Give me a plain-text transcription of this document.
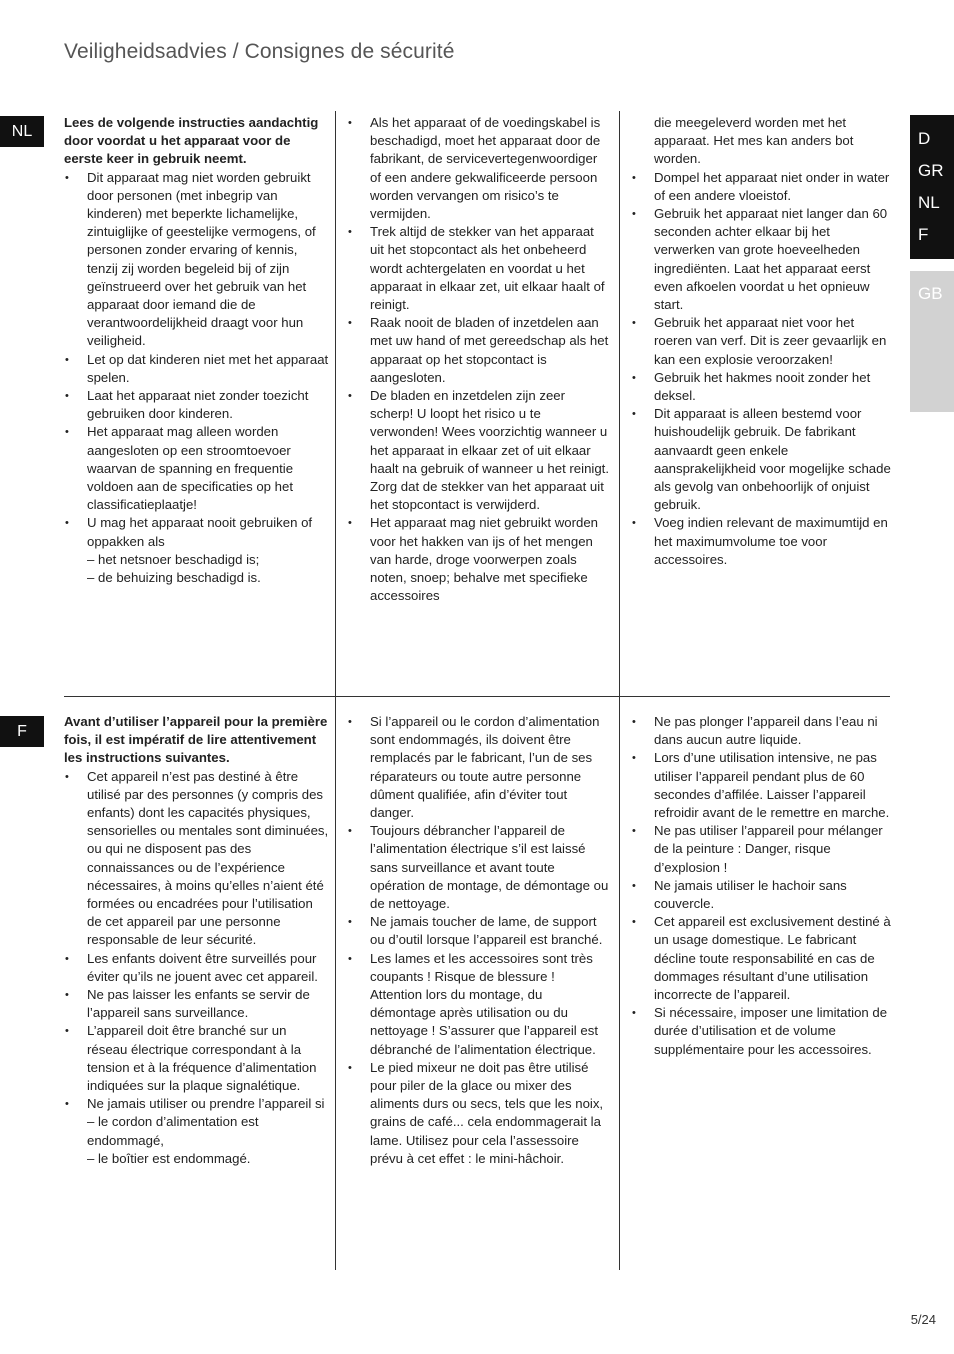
Veiligheidsadvies / Consignes de sécurité
NL
F
D
GR
NL
F
GB

Lees de volgende instructies aandachtig door voordat u het apparaat voor de eerste keer in gebruik neemt.

• Dit apparaat mag niet worden gebruikt door personen (met inbegrip van kinderen) met beperkte lichamelijke, zintuiglijke of geestelijke vermogens, of personen zonder ervaring of kennis, tenzij zij worden begeleid bij of zijn geïnstrueerd over het gebruik van het apparaat door iemand die de verantwoordelijkheid draagt voor hun veiligheid.
• Let op dat kinderen niet met het apparaat spelen.
• Laat het apparaat niet zonder toezicht gebruiken door kinderen.
• Het apparaat mag alleen worden aangesloten op een stroomtoevoer waarvan de spanning en frequentie voldoen aan de specificaties op het classificatieplaatje!
• U mag het apparaat nooit gebruiken of oppakken als
– het netsnoer beschadigd is;
– de behuizing beschadigd is.
• Als het apparaat of de voedingskabel is beschadigd, moet het apparaat door de fabrikant, de servicevertegenwoordiger of een andere gekwalificeerde persoon worden vervangen om risico’s te vermijden.
• Trek altijd de stekker van het apparaat uit het stopcontact als het onbeheerd wordt achtergelaten en voordat u het apparaat in elkaar zet, uit elkaar haalt of reinigt.
• Raak nooit de bladen of inzetdelen aan met uw hand of met gereedschap als het apparaat op het stopcontact is aangesloten.
• De bladen en inzetdelen zijn zeer scherp! U loopt het risico u te verwonden! Wees voorzichtig wanneer u het apparaat in elkaar zet of uit elkaar haalt na gebruik of wanneer u het reinigt. Zorg dat de stekker van het apparaat uit het stopcontact is verwijderd.
• Het apparaat mag niet gebruikt worden voor het hakken van ijs of het mengen van harde, droge voorwerpen zoals noten, snoep; behalve met specifieke accessoires
die meegeleverd worden met het apparaat. Het mes kan anders bot worden.
• Dompel het apparaat niet onder in water of een andere vloeistof.
• Gebruik het apparaat niet langer dan 60 seconden achter elkaar bij het verwerken van grote hoeveelheden ingrediënten. Laat het apparaat eerst even afkoelen voordat u het opnieuw start.
• Gebruik het apparaat niet voor het roeren van verf. Dit is zeer gevaarlijk en kan een explosie veroorzaken!
• Gebruik het hakmes nooit zonder het deksel.
• Dit apparaat is alleen bestemd voor huishoudelijk gebruik. De fabrikant aanvaardt geen enkele aansprakelijkheid voor mogelijke schade als gevolg van onbehoorlijk of onjuist gebruik.
• Voeg indien relevant de maximumtijd en het maximumvolume toe voor accessoires.

Avant d’utiliser l’appareil pour la première fois, il est impératif de lire attentivement les instructions suivantes.

• Cet appareil n’est pas destiné à être utilisé par des personnes (y compris des enfants) dont les capacités physiques, sensorielles ou mentales sont diminuées, ou qui ne disposent pas des connaissances ou de l’expérience nécessaires, à moins qu’elles n’aient été formées ou encadrées pour l’utilisation de cet appareil par une personne responsable de leur sécurité.
• Les enfants doivent être surveillés pour éviter qu’ils ne jouent avec cet appareil.
• Ne pas laisser les enfants se servir de l’appareil sans surveillance.
• L’appareil doit être branché sur un réseau électrique correspondant à la tension et à la fréquence d’alimentation indiquées sur la plaque signalétique.
• Ne jamais utiliser ou prendre l’appareil si
– le cordon d’alimentation est endommagé,
– le boîtier est endommagé.
• Si l’appareil ou le cordon d’alimentation sont endommagés, ils doivent être remplacés par le fabricant, l’un de ses réparateurs ou toute autre personne dûment qualifiée, afin d’éviter tout danger.
• Toujours débrancher l’appareil de l’alimentation électrique s’il est laissé sans surveillance et avant toute opération de montage, de démontage ou de nettoyage.
• Ne jamais toucher de lame, de support ou d’outil lorsque l’appareil est branché.
• Les lames et les accessoires sont très coupants ! Risque de blessure ! Attention lors du montage, du démontage après utilisation ou du nettoyage ! S’assurer que l’appareil est débranché de l’alimentation électrique.
• Le pied mixeur ne doit pas être utilisé pour piler de la glace ou mixer des aliments durs ou secs, tels que les noix, grains de café... cela endommagerait la lame. Utilisez pour cela l’assessoire prévu à cet effet : le mini-hâchoir.
• Ne pas plonger l’appareil dans l’eau ni dans aucun autre liquide.
• Lors d’une utilisation intensive, ne pas utiliser l’appareil pendant plus de 60 secondes d’affilée. Laisser l’appareil refroidir avant de le remettre en marche.
• Ne pas utiliser l’appareil pour mélanger de la peinture : Danger, risque d’explosion !
• Ne jamais utiliser le hachoir sans couvercle.
• Cet appareil est exclusivement destiné à un usage domestique. Le fabricant décline toute responsabilité en cas de dommages résultant d’une utilisation incorrecte de l’appareil.
• Si nécessaire, imposer une limitation de durée d’utilisation et de volume supplémentaire pour les accessoires.
5/24
